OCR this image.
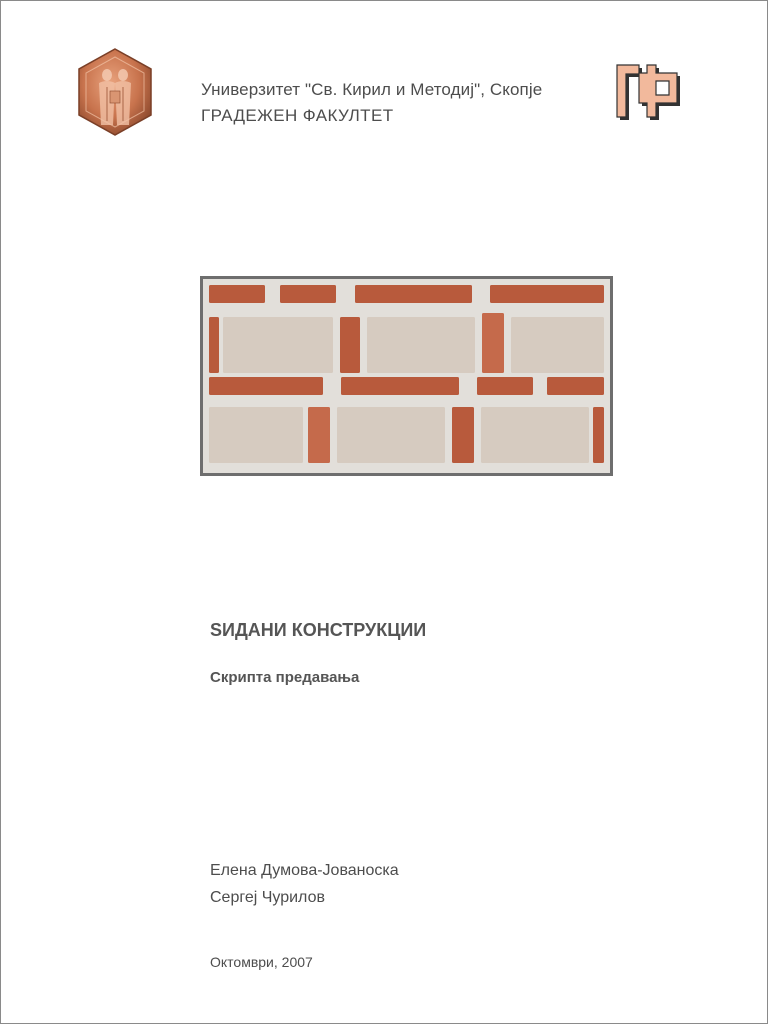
Универзитет "Св. Кирил и Методиј", Скопје
ГРАДЕЖЕН ФАКУЛТЕТ
ЅИДАНИ КОНСТРУКЦИИ
Скрипта предавања
Елена Думова-Јованоска
Сергеј Чурилов
Октомври, 2007
